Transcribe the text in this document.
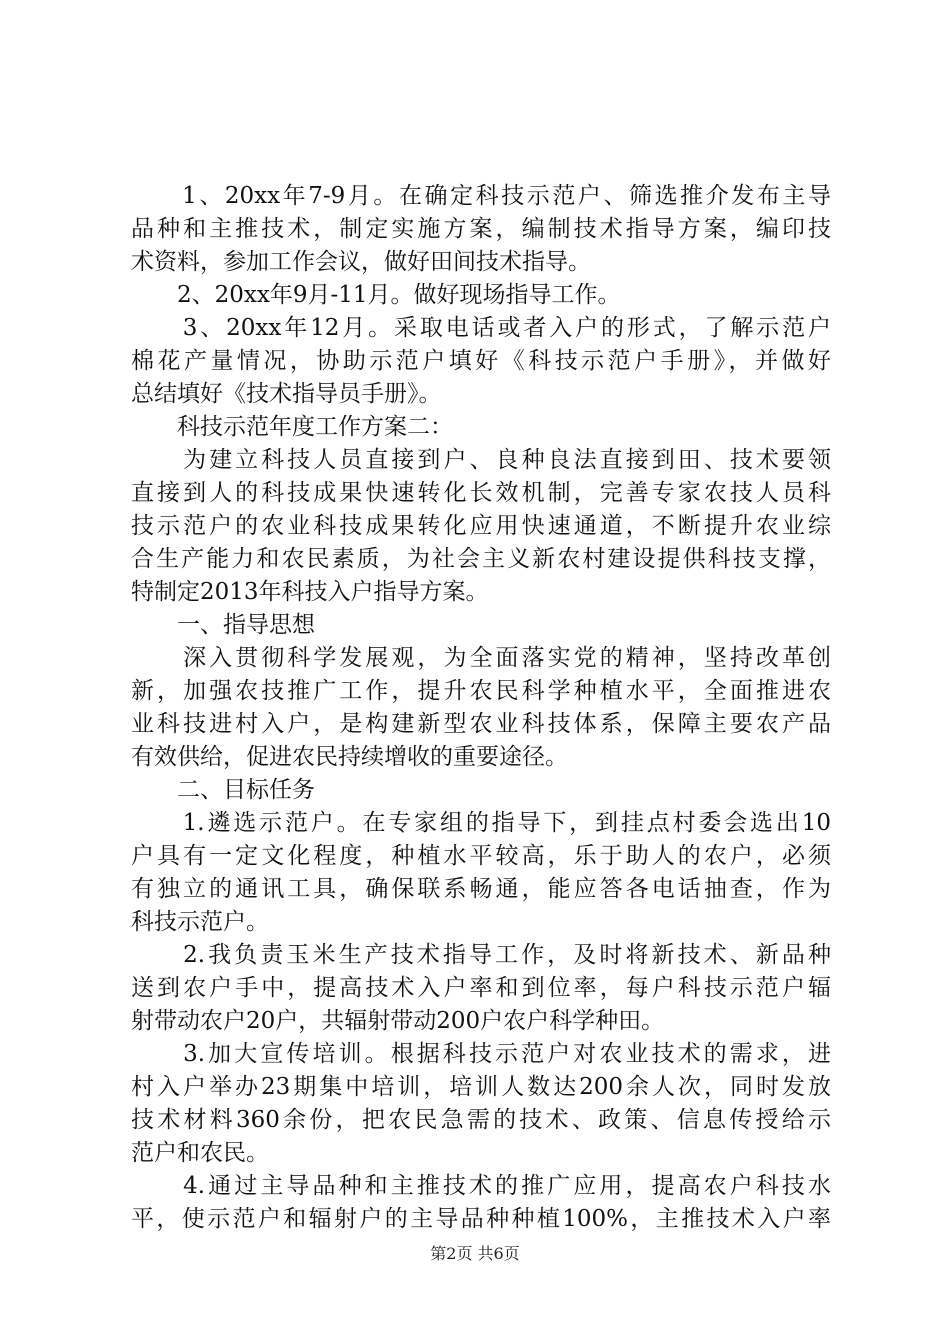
　　1、20xx年7-9月。在确定科技示范户、筛选推介发布主导
品种和主推技术，制定实施方案，编制技术指导方案，编印技
术资料，参加工作会议，做好田间技术指导。
　　2、20xx年9月-11月。做好现场指导工作。
　　3、20xx年12月。采取电话或者入户的形式，了解示范户
棉花产量情况，协助示范户填好《科技示范户手册》，并做好
总结填好《技术指导员手册》。
　　科技示范年度工作方案二：
　　为建立科技人员直接到户、良种良法直接到田、技术要领
直接到人的科技成果快速转化长效机制，完善专家农技人员科
技示范户的农业科技成果转化应用快速通道，不断提升农业综
合生产能力和农民素质，为社会主义新农村建设提供科技支撑，
特制定2013年科技入户指导方案。
　　一、指导思想
　　深入贯彻科学发展观，为全面落实党的精神，坚持改革创
新，加强农技推广工作，提升农民科学种植水平，全面推进农
业科技进村入户，是构建新型农业科技体系，保障主要农产品
有效供给，促进农民持续增收的重要途径。
　　二、目标任务
　　1.遴选示范户。在专家组的指导下，到挂点村委会选出10
户具有一定文化程度，种植水平较高，乐于助人的农户，必须
有独立的通讯工具，确保联系畅通，能应答各电话抽查，作为
科技示范户。
　　2.我负责玉米生产技术指导工作，及时将新技术、新品种
送到农户手中，提高技术入户率和到位率，每户科技示范户辐
射带动农户20户，共辐射带动200户农户科学种田。
　　3.加大宣传培训。根据科技示范户对农业技术的需求，进
村入户举办23期集中培训，培训人数达200余人次，同时发放
技术材料360余份，把农民急需的技术、政策、信息传授给示
范户和农民。
　　4.通过主导品种和主推技术的推广应用，提高农户科技水
平，使示范户和辐射户的主导品种种植100%，主推技术入户率
第2页 共6页
